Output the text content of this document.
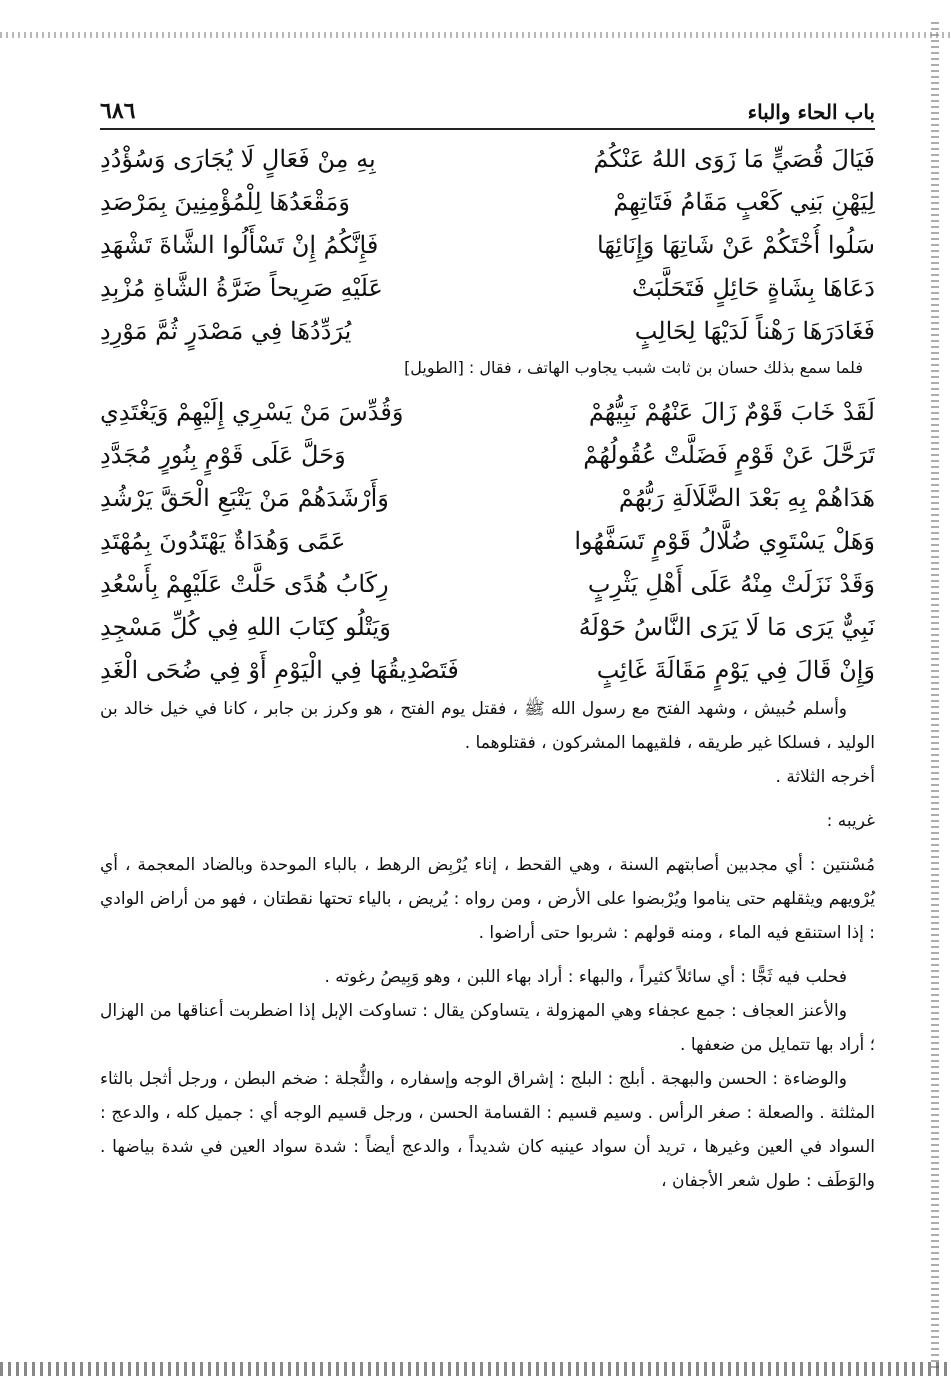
باب الحاء والباء
٦٨٦
فَيَالَ قُصَيٍّ مَا زَوَى اللهُ عَنْكُمُ
بِهِ مِنْ فَعَالٍ لَا يُجَارَى وَسُؤْدُدِ
لِيَهْنِ بَنِي كَعْبٍ مَقَامُ فَتَاتِهِمْ
وَمَقْعَدُهَا لِلْمُؤْمِنِينَ بِمَرْصَدِ
سَلُوا أُخْتَكُمْ عَنْ شَاتِهَا وَإِنَائِهَا
فَإِنَّكُمُ إِنْ تَسْأَلُوا الشَّاةَ تَشْهَدِ
دَعَاهَا بِشَاةٍ حَائِلٍ فَتَحَلَّبَتْ
عَلَيْهِ صَرِيحاً ضَرَّةُ الشَّاةِ مُزْبِدِ
فَغَادَرَهَا رَهْناً لَدَيْهَا لِحَالِبٍ
يُرَدِّدُهَا فِي مَصْدَرٍ ثُمَّ مَوْرِدِ
فلما سمع بذلك حسان بن ثابت شبب يجاوب الهاتف ، فقال : [الطويل]
لَقَدْ خَابَ قَوْمٌ زَالَ عَنْهُمْ نَبِيُّهُمْ
وَقُدِّسَ مَنْ يَسْرِي إِلَيْهِمْ وَيَغْتَدِي
تَرَحَّلَ عَنْ قَوْمٍ فَضَلَّتْ عُقُولُهُمْ
وَحَلَّ عَلَى قَوْمٍ بِنُورٍ مُجَدَّدِ
هَدَاهُمْ بِهِ بَعْدَ الضَّلَالَةِ رَبُّهُمْ
وَأَرْشَدَهُمْ مَنْ يَتْبَعِ الْحَقَّ يَرْشُدِ
وَهَلْ يَسْتَوِي ضُلَّالُ قَوْمٍ تَسَفَّهُوا
عَمًى وَهُدَاةٌ يَهْتَدُونَ بِمُهْتَدِ
وَقَدْ نَزَلَتْ مِنْهُ عَلَى أَهْلِ يَثْرِبٍ
رِكَابُ هُدًى حَلَّتْ عَلَيْهِمْ بِأَسْعُدِ
نَبِيٌّ يَرَى مَا لَا يَرَى النَّاسُ حَوْلَهُ
وَيَتْلُو كِتَابَ اللهِ فِي كُلِّ مَسْجِدِ
وَإِنْ قَالَ فِي يَوْمٍ مَقَالَةَ غَائِبٍ
فَتَصْدِيقُهَا فِي الْيَوْمِ أَوْ فِي ضُحَى الْغَدِ

وأسلم حُبيش ، وشهد الفتح مع رسول الله ﷺ ، فقتل يوم الفتح ، هو وكرز بن جابر ، كانا في خيل خالد بن الوليد ، فسلكا غير طريقه ، فلقيهما المشركون ، فقتلوهما .

أخرجه الثلاثة .

غريبه :

مُسْنتين : أي مجدبين أصابتهم السنة ، وهي القحط ، إناء يُرْبِض الرهط ، بالباء الموحدة وبالضاد المعجمة ، أي يُرْويهم ويثقلهم حتى يناموا ويُرْبضوا على الأرض ، ومن رواه : يُريض ، بالياء تحتها نقطتان ، فهو من أراض الوادي : إذا استنقع فيه الماء ، ومنه قولهم : شربوا حتى أراضوا .

فحلب فيه ثَجًّا : أي سائلاً كثيراً ، والبهاء : أراد بهاء اللبن ، وهو وَبِيصُ رغوته .

والأعنز العجاف : جمع عجفاء وهي المهزولة ، يتساوكن يقال : تساوكت الإبل إذا اضطربت أعناقها من الهزال ؛ أراد بها تتمايل من ضعفها .

والوضاءة : الحسن والبهجة . أبلج : البلج : إشراق الوجه وإسفاره ، والثُّجلة : ضخم البطن ، ورجل أثجل بالثاء المثلثة . والصعلة : صغر الرأس . وسيم قسيم : القسامة الحسن ، ورجل قسيم الوجه أي : جميل كله ، والدعج : السواد في العين وغيرها ، تريد أن سواد عينيه كان شديداً ، والدعج أيضاً : شدة سواد العين في شدة بياضها . والوَطَف : طول شعر الأجفان ،
